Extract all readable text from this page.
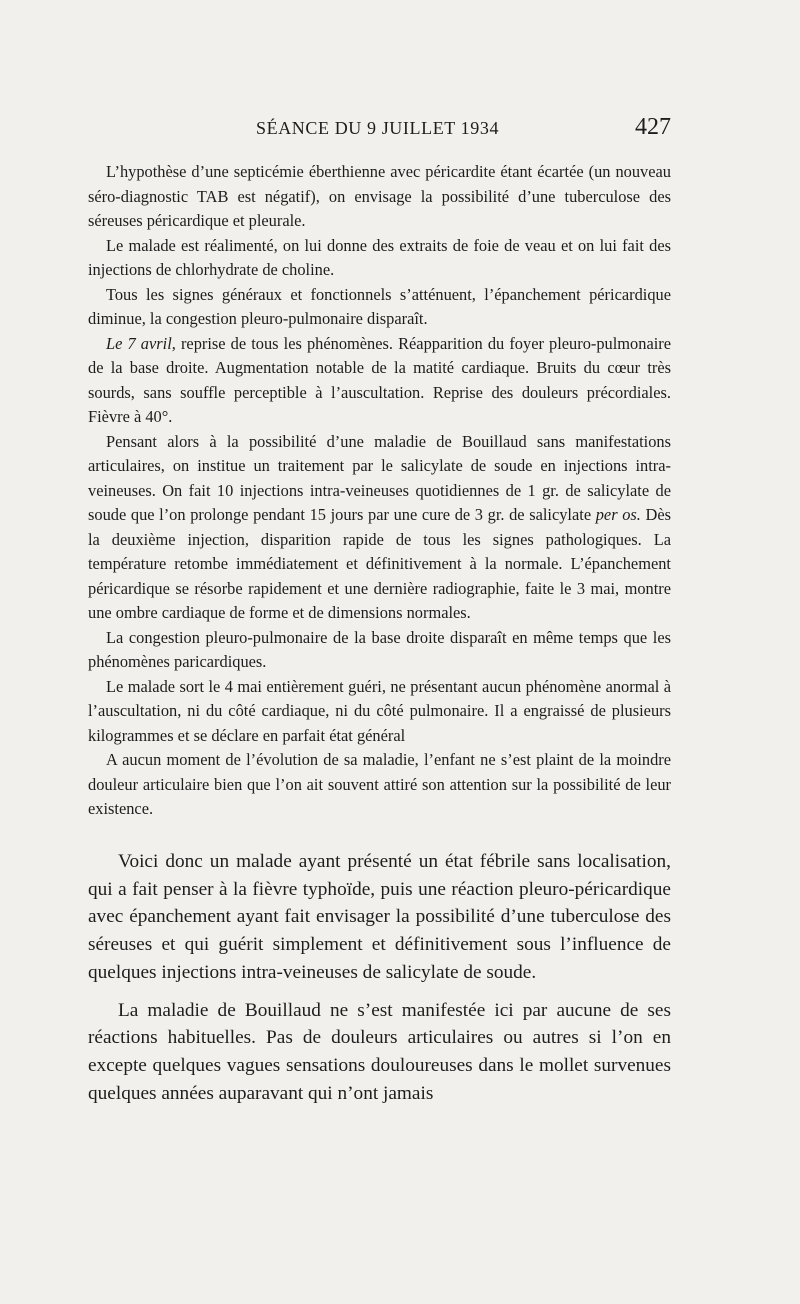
SÉANCE DU 9 JUILLET 1934	427

L’hypothèse d’une septicémie éberthienne avec péricardite étant écartée (un nouveau séro-diagnostic TAB est négatif), on envisage la possibilité d’une tuberculose des séreuses péricardique et pleurale.

Le malade est réalimenté, on lui donne des extraits de foie de veau et on lui fait des injections de chlorhydrate de choline.

Tous les signes généraux et fonctionnels s’atténuent, l’épanchement péricardique diminue, la congestion pleuro-pulmonaire disparaît.

Le 7 avril, reprise de tous les phénomènes. Réapparition du foyer pleuro-pulmonaire de la base droite. Augmentation notable de la matité cardiaque. Bruits du cœur très sourds, sans souffle perceptible à l’auscultation. Reprise des douleurs précordiales. Fièvre à 40°.

Pensant alors à la possibilité d’une maladie de Bouillaud sans manifestations articulaires, on institue un traitement par le salicylate de soude en injections intra-veineuses. On fait 10 injections intra-veineuses quotidiennes de 1 gr. de salicylate de soude que l’on prolonge pendant 15 jours par une cure de 3 gr. de salicylate per os. Dès la deuxième injection, disparition rapide de tous les signes pathologiques. La température retombe immédiatement et définitivement à la normale. L’épanchement péricardique se résorbe rapidement et une dernière radiographie, faite le 3 mai, montre une ombre cardiaque de forme et de dimensions normales.

La congestion pleuro-pulmonaire de la base droite disparaît en même temps que les phénomènes paricardiques.

Le malade sort le 4 mai entièrement guéri, ne présentant aucun phénomène anormal à l’auscultation, ni du côté cardiaque, ni du côté pulmonaire. Il a engraissé de plusieurs kilogrammes et se déclare en parfait état général

A aucun moment de l’évolution de sa maladie, l’enfant ne s’est plaint de la moindre douleur articulaire bien que l’on ait souvent attiré son attention sur la possibilité de leur existence.

Voici donc un malade ayant présenté un état fébrile sans localisation, qui a fait penser à la fièvre typhoïde, puis une réaction pleuro-péricardique avec épanchement ayant fait envisager la possibilité d’une tuberculose des séreuses et qui guérit simplement et définitivement sous l’influence de quelques injections intra-veineuses de salicylate de soude.

La maladie de Bouillaud ne s’est manifestée ici par aucune de ses réactions habituelles. Pas de douleurs articulaires ou autres si l’on en excepte quelques vagues sensations douloureuses dans le mollet survenues quelques années auparavant qui n’ont jamais
